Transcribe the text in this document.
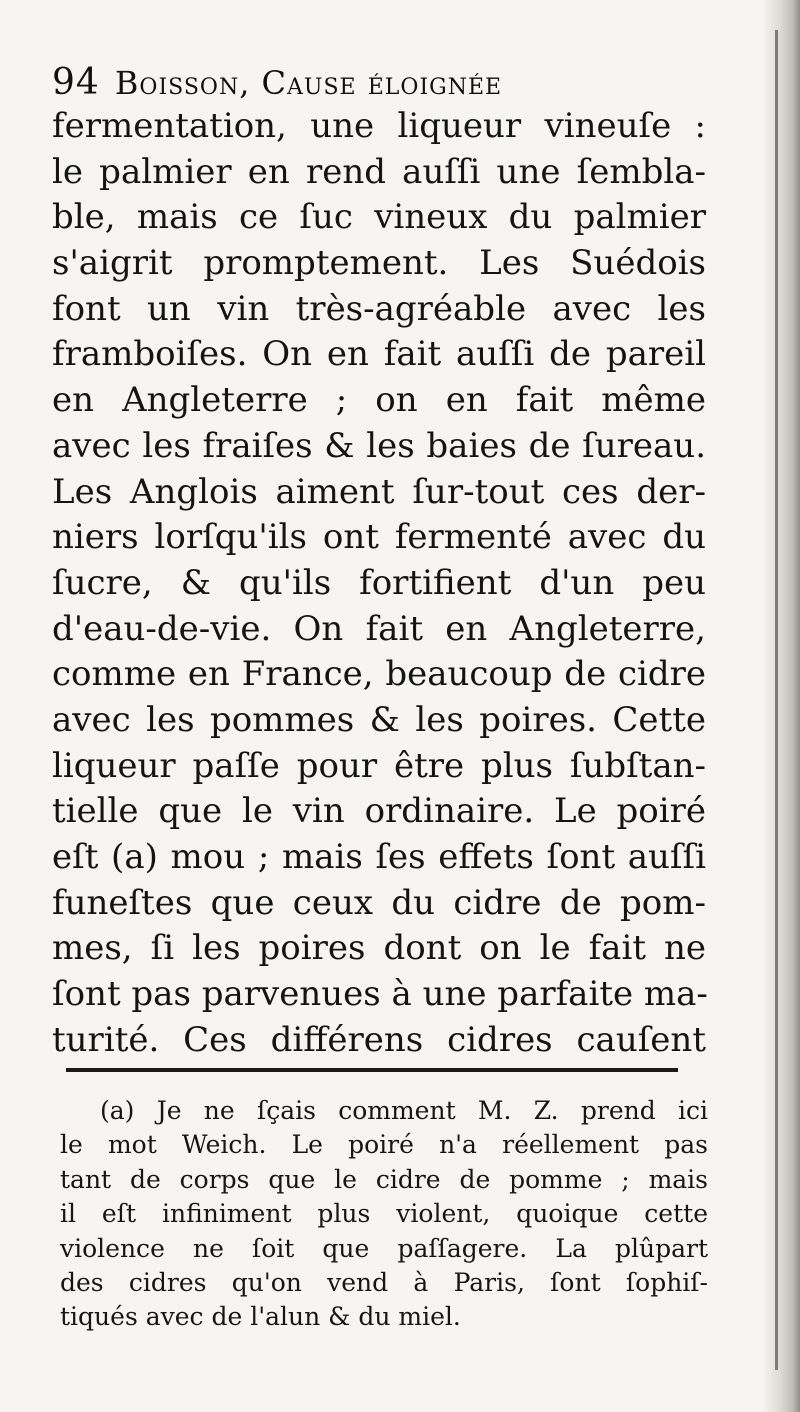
94 Boisson, Cause éloignée
fermentation, une liqueur vineuſe :
le palmier en rend auſſi une ſembla-
ble, mais ce ſuc vineux du palmier
s'aigrit promptement. Les Suédois
font un vin très-agréable avec les
framboiſes. On en fait auſſi de pareil
en Angleterre ; on en fait même
avec les fraiſes & les baies de ſureau.
Les Anglois aiment ſur-tout ces der-
niers lorſqu'ils ont fermenté avec du
ſucre, & qu'ils fortifient d'un peu
d'eau-de-vie. On fait en Angleterre,
comme en France, beaucoup de cidre
avec les pommes & les poires. Cette
liqueur paſſe pour être plus ſubſtan-
tielle que le vin ordinaire. Le poiré
eſt (a) mou ; mais ſes effets ſont auſſi
funeſtes que ceux du cidre de pom-
mes, ſi les poires dont on le fait ne
ſont pas parvenues à une parfaite ma-
turité. Ces différens cidres cauſent
(a) Je ne ſçais comment M. Z. prend ici
le mot Weich. Le poiré n'a réellement pas
tant de corps que le cidre de pomme ; mais
il eſt infiniment plus violent, quoique cette
violence ne ſoit que paſſagere. La plûpart
des cidres qu'on vend à Paris, ſont ſophiſ-
tiqués avec de l'alun & du miel.
